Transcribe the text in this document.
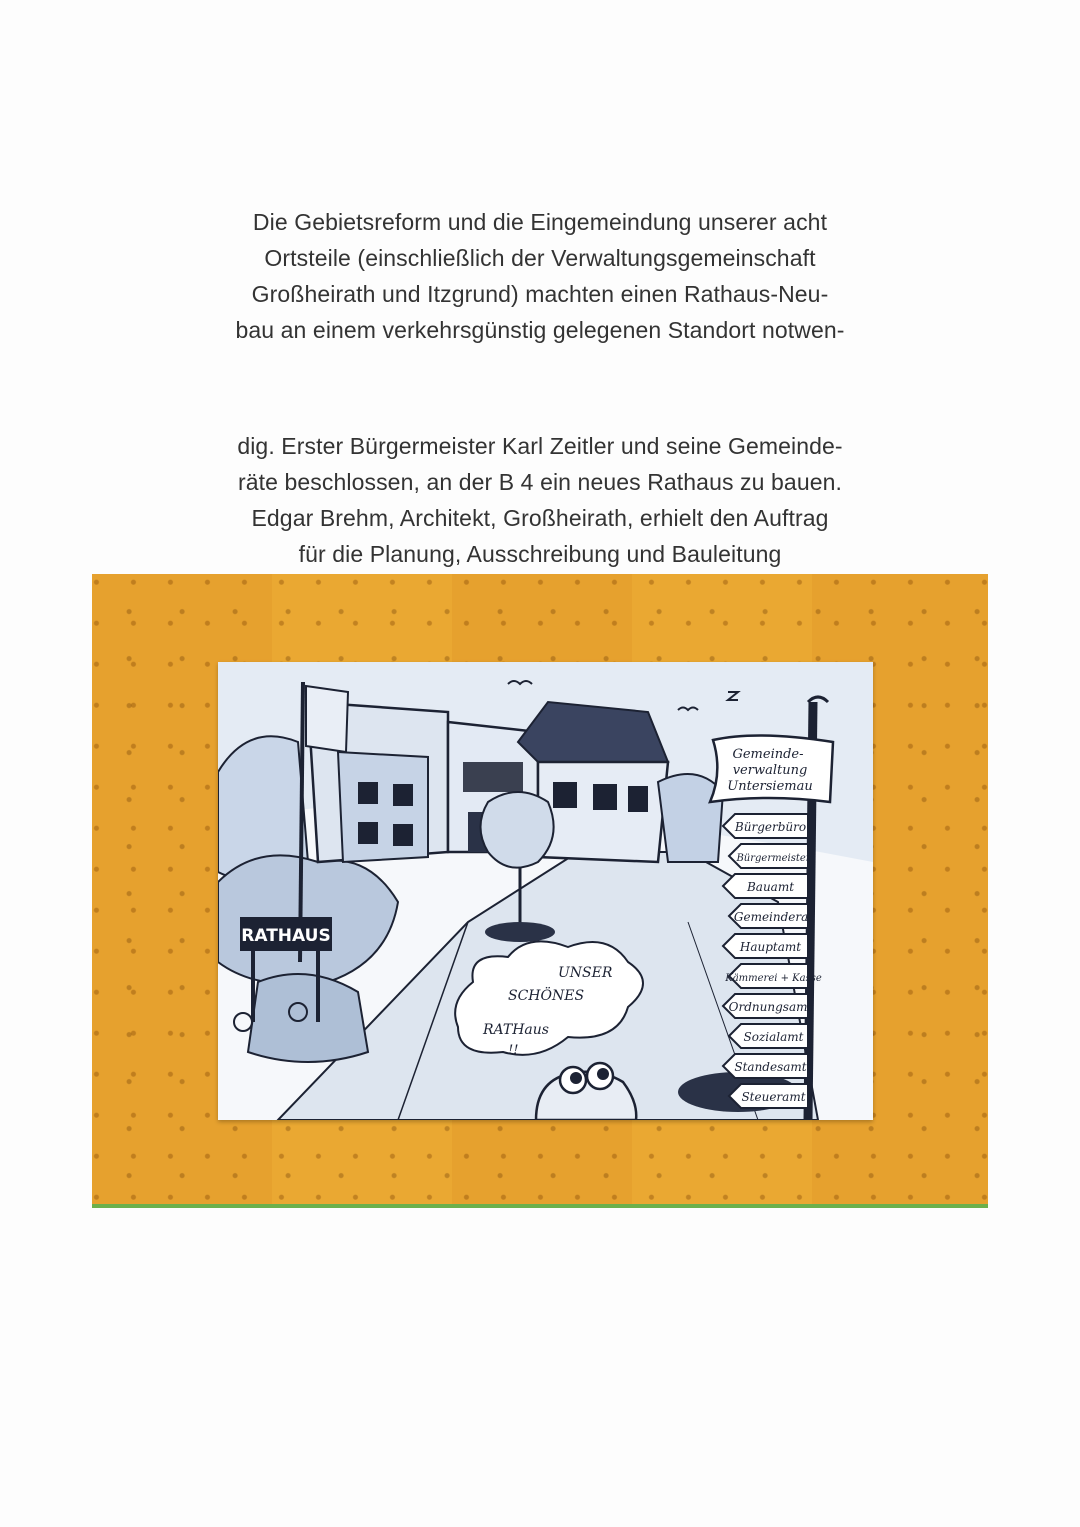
Die Gebietsreform und die Eingemeindung unserer acht
Ortsteile (einschließlich der Verwaltungsgemeinschaft
Großheirath und Itzgrund) machten einen Rathaus-Neu-
bau an einem verkehrsgünstig gelegenen Standort notwen-
dig. Erster Bürgermeister Karl Zeitler und seine Gemeinde-
räte beschlossen, an der B 4 ein neues Rathaus zu bauen.
Edgar Brehm, Architekt, Großheirath, erhielt den Auftrag
für die Planung, Ausschreibung und Bauleitung
RATHAUS
UNSER
SCHÖNES
RATHaus
!!
Gemeinde-
verwaltung
Untersiemau
Bürgerbüro
Bürgermeister
Bauamt
Gemeinderat
Hauptamt
Kämmerei + Kasse
Ordnungsamt
Sozialamt
Standesamt
Steueramt
